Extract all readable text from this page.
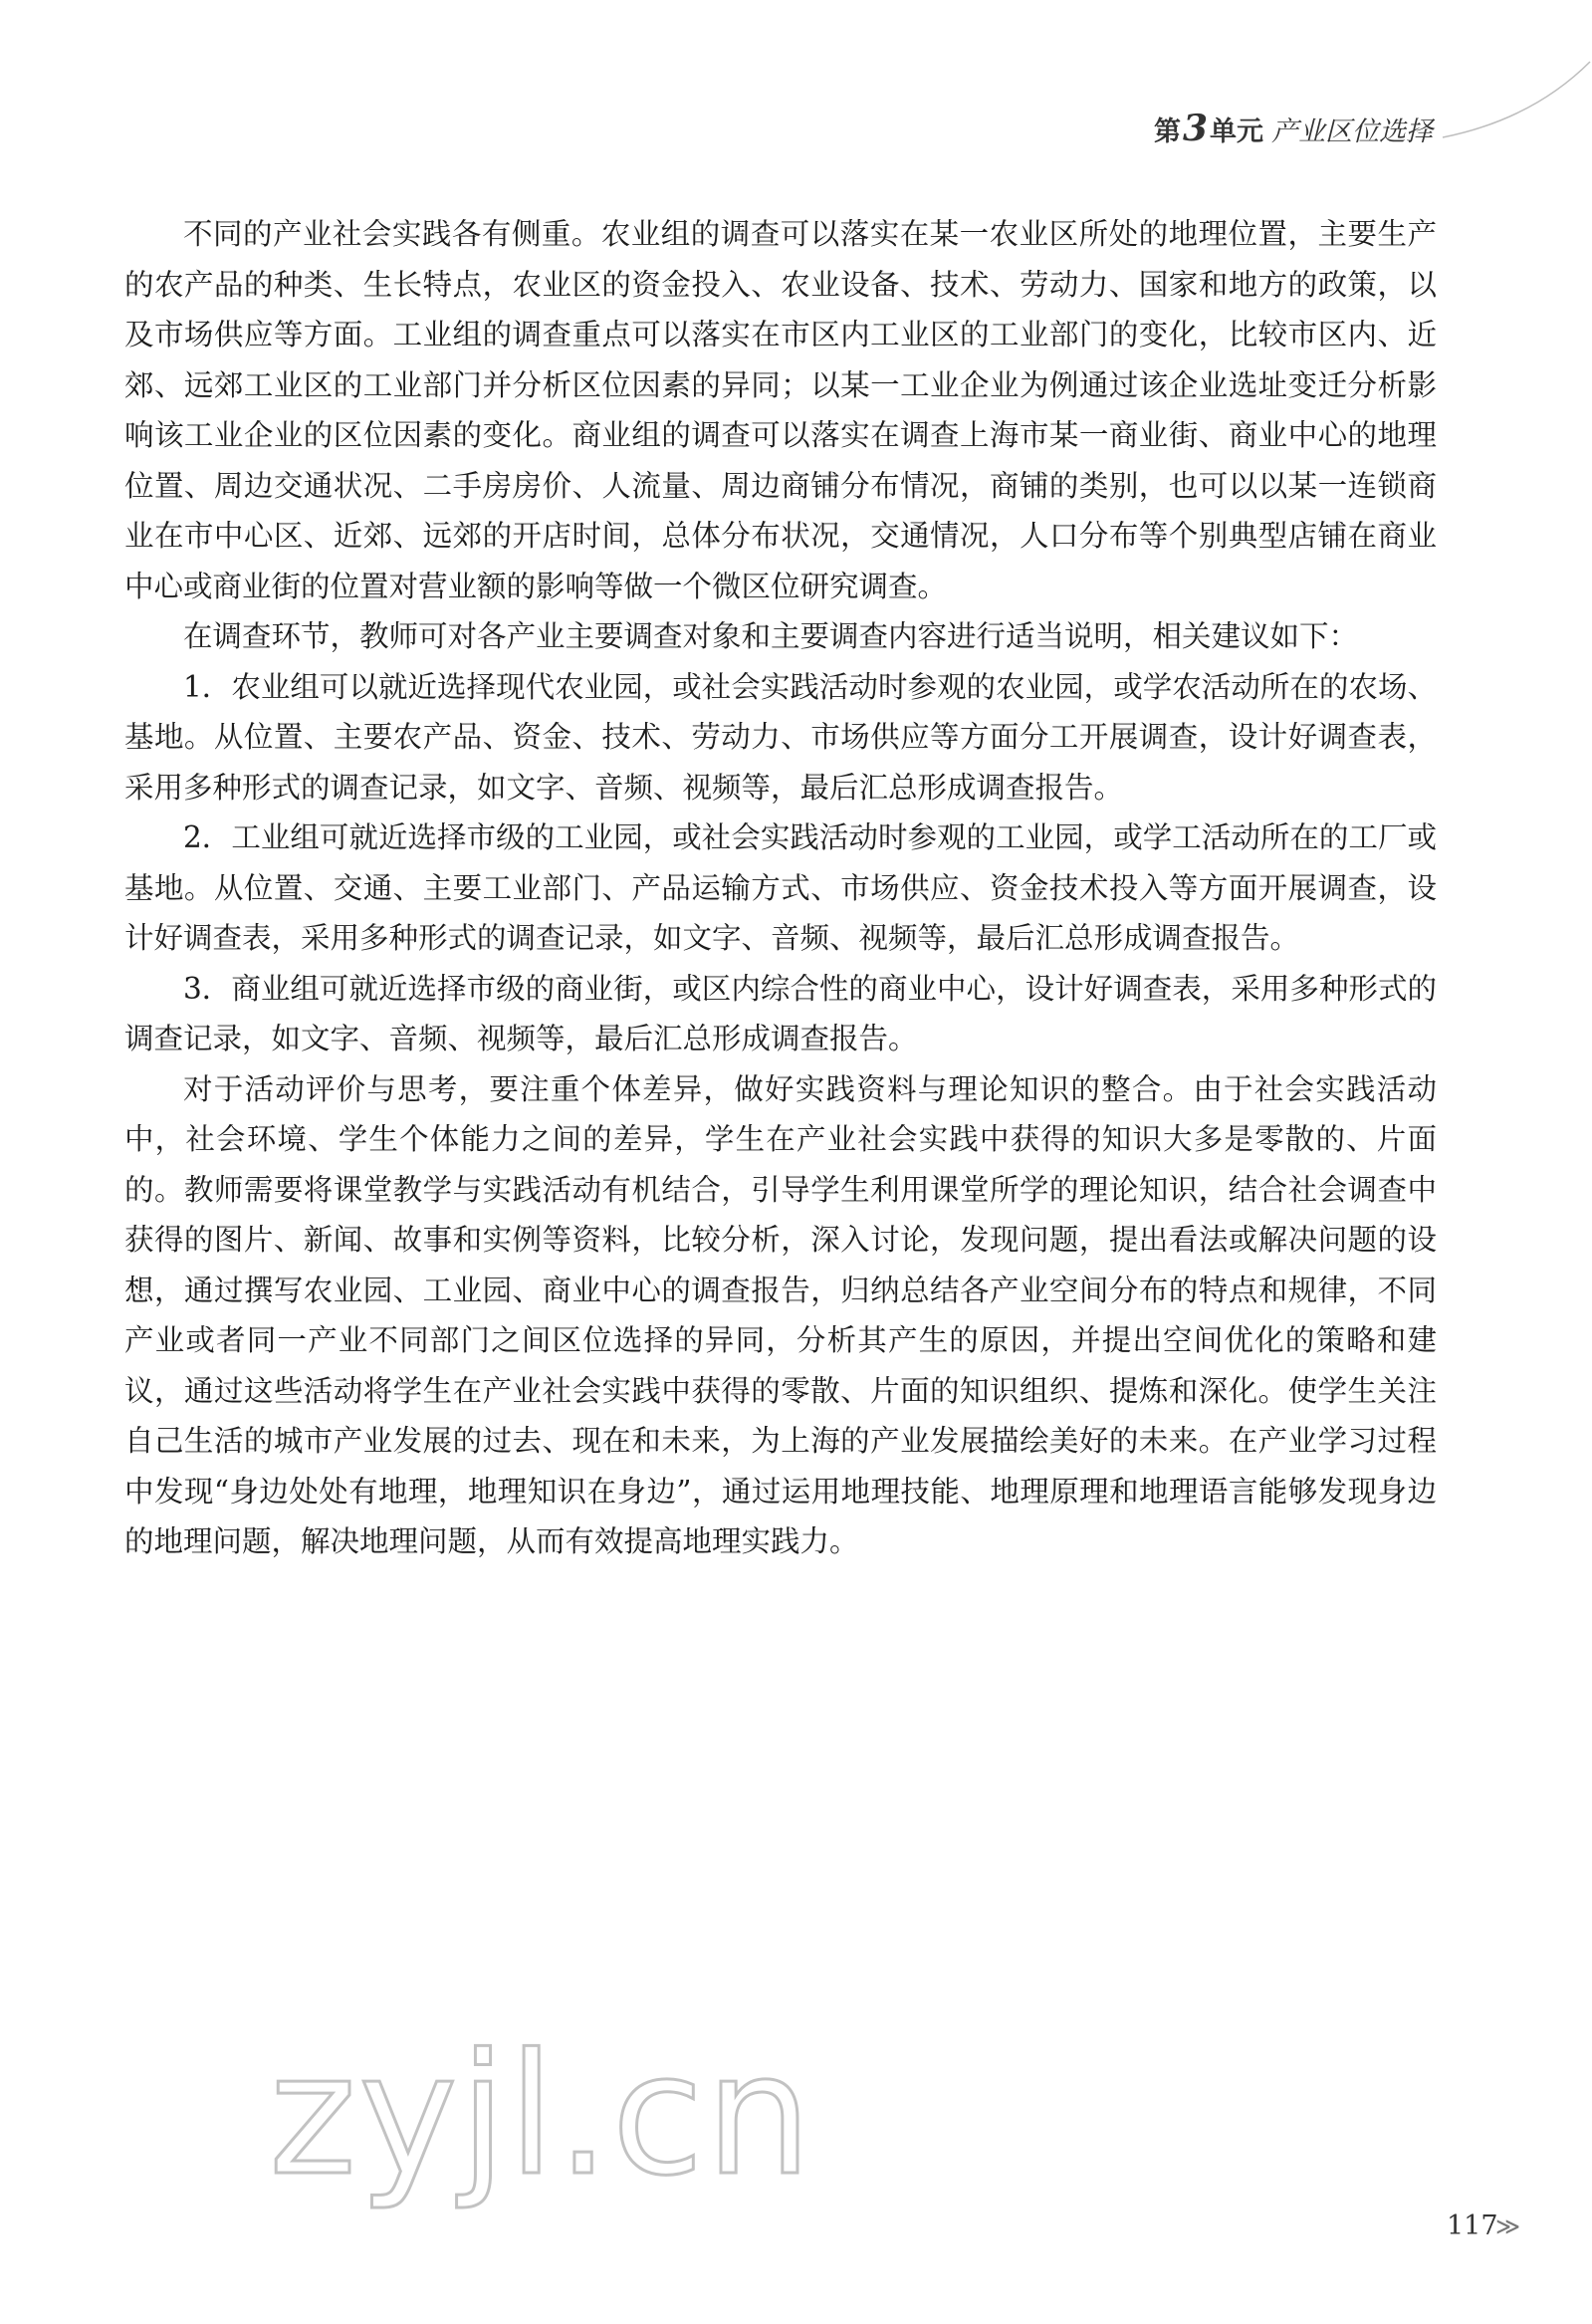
第 3 单元 产业区位选择

不同的产业社会实践各有侧重。农业组的调查可以落实在某一农业区所处的地理位置，主要生产的农产品的种类、生长特点，农业区的资金投入、农业设备、技术、劳动力、国家和地方的政策，以及市场供应等方面。工业组的调查重点可以落实在市区内工业区的工业部门的变化，比较市区内、近郊、远郊工业区的工业部门并分析区位因素的异同；以某一工业企业为例通过该企业选址变迁分析影响该工业企业的区位因素的变化。商业组的调查可以落实在调查上海市某一商业街、商业中心的地理位置、周边交通状况、二手房房价、人流量、周边商铺分布情况，商铺的类别，也可以以某一连锁商业在市中心区、近郊、远郊的开店时间，总体分布状况，交通情况，人口分布等个别典型店铺在商业中心或商业街的位置对营业额的影响等做一个微区位研究调查。

在调查环节，教师可对各产业主要调查对象和主要调查内容进行适当说明，相关建议如下：

1．农业组可以就近选择现代农业园，或社会实践活动时参观的农业园，或学农活动所在的农场、基地。从位置、主要农产品、资金、技术、劳动力、市场供应等方面分工开展调查，设计好调查表，采用多种形式的调查记录，如文字、音频、视频等，最后汇总形成调查报告。

2．工业组可就近选择市级的工业园，或社会实践活动时参观的工业园，或学工活动所在的工厂或基地。从位置、交通、主要工业部门、产品运输方式、市场供应、资金技术投入等方面开展调查，设计好调查表，采用多种形式的调查记录，如文字、音频、视频等，最后汇总形成调查报告。

3．商业组可就近选择市级的商业街，或区内综合性的商业中心，设计好调查表，采用多种形式的调查记录，如文字、音频、视频等，最后汇总形成调查报告。

对于活动评价与思考，要注重个体差异，做好实践资料与理论知识的整合。由于社会实践活动中，社会环境、学生个体能力之间的差异，学生在产业社会实践中获得的知识大多是零散的、片面的。教师需要将课堂教学与实践活动有机结合，引导学生利用课堂所学的理论知识，结合社会调查中获得的图片、新闻、故事和实例等资料，比较分析，深入讨论，发现问题，提出看法或解决问题的设想，通过撰写农业园、工业园、商业中心的调查报告，归纳总结各产业空间分布的特点和规律，不同产业或者同一产业不同部门之间区位选择的异同，分析其产生的原因，并提出空间优化的策略和建议，通过这些活动将学生在产业社会实践中获得的零散、片面的知识组织、提炼和深化。使学生关注自己生活的城市产业发展的过去、现在和未来，为上海的产业发展描绘美好的未来。在产业学习过程中发现“身边处处有地理，地理知识在身边”，通过运用地理技能、地理原理和地理语言能够发现身边的地理问题，解决地理问题，从而有效提高地理实践力。

zyjl.cn
117
≫
